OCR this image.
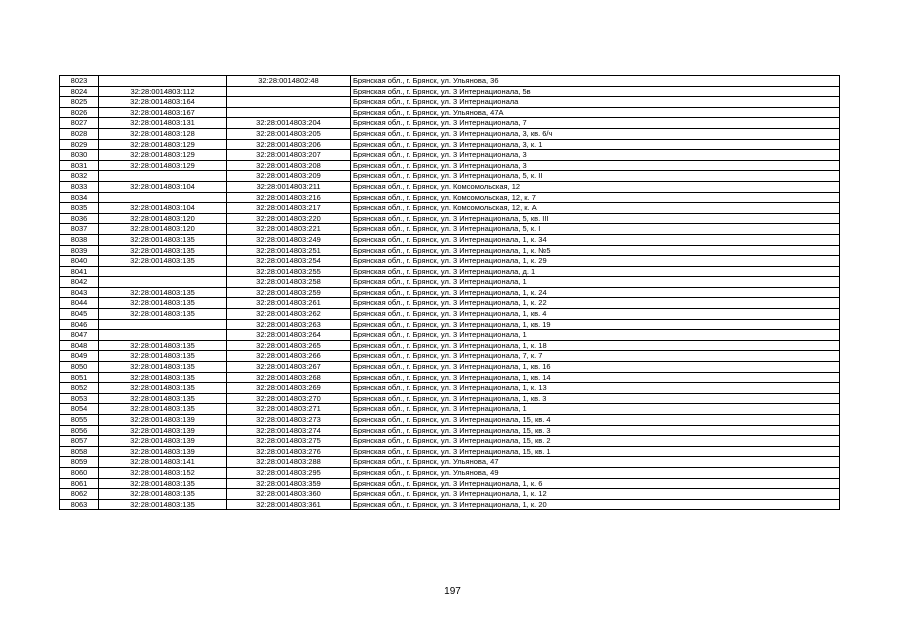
8023		32:28:0014802:48	Брянская обл., г. Брянск, ул. Ульянова, 36
8024	32:28:0014803:112		Брянская обл., г. Брянск, ул. 3 Интернационала, 5в
8025	32:28:0014803:164		Брянская обл., г. Брянск, ул. 3 Интернационала
8026	32:28:0014803:167		Брянская обл., г. Брянск, ул. Ульянова, 47А
8027	32:28:0014803:131	32:28:0014803:204	Брянская обл., г. Брянск, ул. 3 Интернационала, 7
8028	32:28:0014803:128	32:28:0014803:205	Брянская обл., г. Брянск, ул. 3 Интернационала, 3, кв. 6/ч
8029	32:28:0014803:129	32:28:0014803:206	Брянская обл., г. Брянск, ул. 3 Интернационала, 3, к. 1
8030	32:28:0014803:129	32:28:0014803:207	Брянская обл., г. Брянск, ул. 3 Интернационала, 3
8031	32:28:0014803:129	32:28:0014803:208	Брянская обл., г. Брянск, ул. 3 Интернационала, 3
8032		32:28:0014803:209	Брянская обл., г. Брянск, ул. 3 Интернационала, 5, к. II
8033	32:28:0014803:104	32:28:0014803:211	Брянская обл., г. Брянск, ул. Комсомольская, 12
8034		32:28:0014803:216	Брянская обл., г. Брянск, ул. Комсомольская, 12, к. 7
8035	32:28:0014803:104	32:28:0014803:217	Брянская обл., г. Брянск, ул. Комсомольская, 12, к. А
8036	32:28:0014803:120	32:28:0014803:220	Брянская обл., г. Брянск, ул. 3 Интернационала, 5, кв. III
8037	32:28:0014803:120	32:28:0014803:221	Брянская обл., г. Брянск, ул. 3 Интернационала, 5, к. I
8038	32:28:0014803:135	32:28:0014803:249	Брянская обл., г. Брянск, ул. 3 Интернационала, 1, к. 34
8039	32:28:0014803:135	32:28:0014803:251	Брянская обл., г. Брянск, ул. 3 Интернационала, 1, к. №5
8040	32:28:0014803:135	32:28:0014803:254	Брянская обл., г. Брянск, ул. 3 Интернационала, 1, к. 29
8041		32:28:0014803:255	Брянская обл., г. Брянск, ул. 3 Интернационала, д. 1
8042		32:28:0014803:258	Брянская обл., г. Брянск, ул. 3 Интернационала, 1
8043	32:28:0014803:135	32:28:0014803:259	Брянская обл., г. Брянск, ул. 3 Интернационала, 1, к. 24
8044	32:28:0014803:135	32:28:0014803:261	Брянская обл., г. Брянск, ул. 3 Интернационала, 1, к. 22
8045	32:28:0014803:135	32:28:0014803:262	Брянская обл., г. Брянск, ул. 3 Интернационала, 1, кв. 4
8046		32:28:0014803:263	Брянская обл., г. Брянск, ул. 3 Интернационала, 1, кв. 19
8047		32:28:0014803:264	Брянская обл., г. Брянск, ул. 3 Интернационала, 1
8048	32:28:0014803:135	32:28:0014803:265	Брянская обл., г. Брянск, ул. 3 Интернационала, 1, к. 18
8049	32:28:0014803:135	32:28:0014803:266	Брянская обл., г. Брянск, ул. 3 Интернационала, 7, к. 7
8050	32:28:0014803:135	32:28:0014803:267	Брянская обл., г. Брянск, ул. 3 Интернационала, 1, кв. 16
8051	32:28:0014803:135	32:28:0014803:268	Брянская обл., г. Брянск, ул. 3 Интернационала, 1, кв. 14
8052	32:28:0014803:135	32:28:0014803:269	Брянская обл., г. Брянск, ул. 3 Интернационала, 1, к. 13
8053	32:28:0014803:135	32:28:0014803:270	Брянская обл., г. Брянск, ул. 3 Интернационала, 1, кв. 3
8054	32:28:0014803:135	32:28:0014803:271	Брянская обл., г. Брянск, ул. 3 Интернационала, 1
8055	32:28:0014803:139	32:28:0014803:273	Брянская обл., г. Брянск, ул. 3 Интернационала, 15, кв. 4
8056	32:28:0014803:139	32:28:0014803:274	Брянская обл., г. Брянск, ул. 3 Интернационала, 15, кв. 3
8057	32:28:0014803:139	32:28:0014803:275	Брянская обл., г. Брянск, ул. 3 Интернационала, 15, кв. 2
8058	32:28:0014803:139	32:28:0014803:276	Брянская обл., г. Брянск, ул. 3 Интернационала, 15, кв. 1
8059	32:28:0014803:141	32:28:0014803:288	Брянская обл., г. Брянск, ул. Ульянова, 47
8060	32:28:0014803:152	32:28:0014803:295	Брянская обл., г. Брянск, ул. Ульянова, 49
8061	32:28:0014803:135	32:28:0014803:359	Брянская обл., г. Брянск, ул. 3 Интернационала, 1, к. 6
8062	32:28:0014803:135	32:28:0014803:360	Брянская обл., г. Брянск, ул. 3 Интернационала, 1, к. 12
8063	32:28:0014803:135	32:28:0014803:361	Брянская обл., г. Брянск, ул. 3 Интернационала, 1, к. 20
197
